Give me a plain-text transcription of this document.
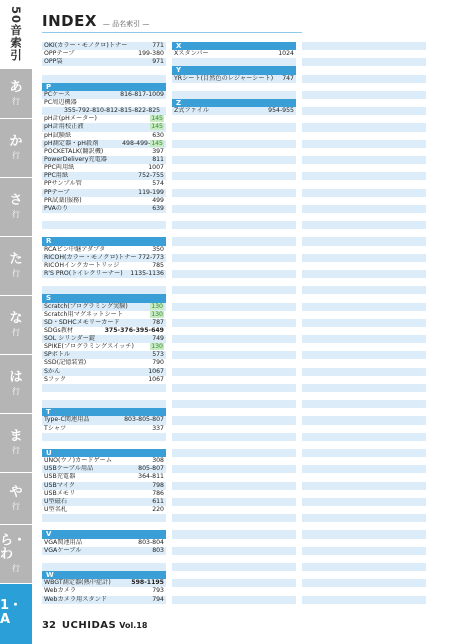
50音索引
あ
行
か
行
さ
行
た
行
な
行
は
行
ま
行
や
行
ら・わ
行
1・A
INDEX — 品名索引 —
OKI(カラー・モノクロ)トナー	771
OPPテープ	199-380
OPP袋	971
P
PCケース	816-817-1009
PC周辺機器
355-792-810-812-815-822-825
pH計(pHメーター)	145
pH計用校正液	145
pH試験紙	630
pH測定器・pH殺剤	498-499-145
POCKETALK(翻訳機)	397
PowerDelivery充電器	811
PPC両用紙	1007
PPC用紙	752-755
PPサンプル管	574
PPテープ	119-199
PR試薬(服務)	499
PVAのり	639
R
RCAピン中継アダプタ	350
RICOH(カラー・モノクロ)トナー 772-773
RICOHインクカートリッジ	785
R'S PRO(トイレクリーナー) 1135-1136
S
Scratch(プログラミング実験)	130
Scratch用マグネットシート	130
SD・SDHCメモリーカード	787
SDGs教材	375-376-395-649
SOL シリンダー錠	749
SPIKE(プログラミングスイッチ)	130
SPボトル	573
SSD(記憶装置)	790
Sかん	1067
Sフック	1067
T
Type-C関連用品	803-805-807
Tシャツ	337
U
UNO(ウノ)カードゲーム	308
USBケーブル用品	805-807
USB充電器	364-811
USBマイク	798
USBメモリ	786
U型磁石	611
U型名札	220
V
VGA関連用品	803-804
VGAケーブル	803
W
WBGT測定器(熱中症計)	598-1195
Webカメラ	793
Webカメラ用スタンド	794
X
Xスタンパー	1024
Y
YRシート(目然色のレジャーシート) 747
Z
Z式ファイル	954-955
32 UCHIDAS Vol.18
